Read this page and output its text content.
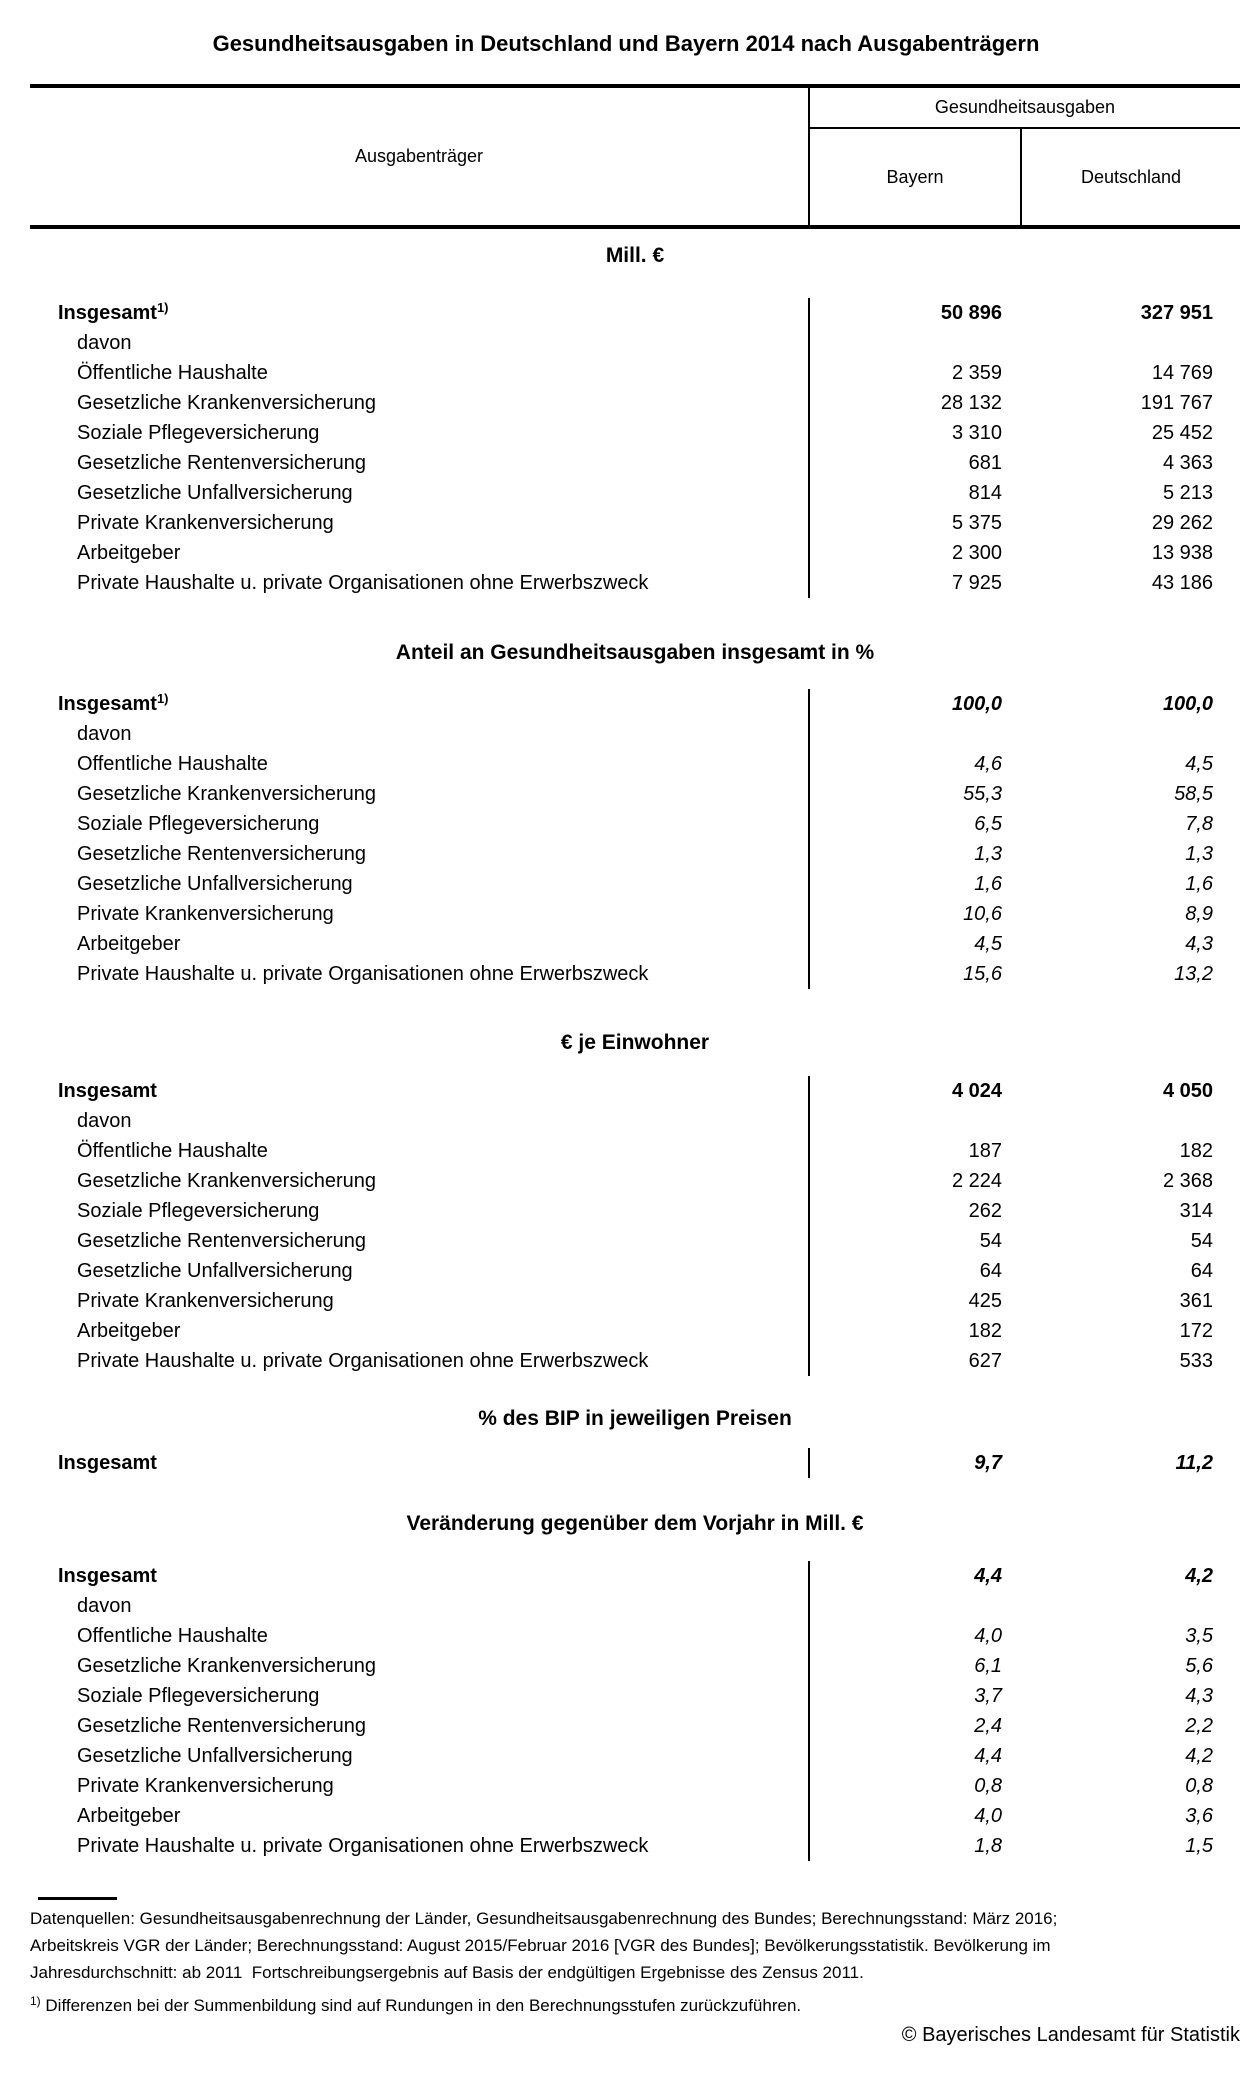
Gesundheitsausgaben in Deutschland und Bayern 2014 nach Ausgabenträgern
Ausgabenträger
Gesundheitsausgaben
Bayern	Deutschland
Mill. €
Insgesamt$^{1)}$	50 896	327 951
davon
Öffentliche Haushalte	2 359	14 769
Gesetzliche Krankenversicherung	28 132	191 767
Soziale Pflegeversicherung	3 310	25 452
Gesetzliche Rentenversicherung	681	4 363
Gesetzliche Unfallversicherung	814	5 213
Private Krankenversicherung	5 375	29 262
Arbeitgeber	2 300	13 938
Private Haushalte u. private Organisationen ohne Erwerbszweck	7 925	43 186
Anteil an Gesundheitsausgaben insgesamt in %
Insgesamt$^{1)}$	100,0	100,0
davon
Offentliche Haushalte	4,6	4,5
Gesetzliche Krankenversicherung	55,3	58,5
Soziale Pflegeversicherung	6,5	7,8
Gesetzliche Rentenversicherung	1,3	1,3
Gesetzliche Unfallversicherung	1,6	1,6
Private Krankenversicherung	10,6	8,9
Arbeitgeber	4,5	4,3
Private Haushalte u. private Organisationen ohne Erwerbszweck	15,6	13,2
€ je Einwohner
Insgesamt	4 024	4 050
davon
Öffentliche Haushalte	187	182
Gesetzliche Krankenversicherung	2 224	2 368
Soziale Pflegeversicherung	262	314
Gesetzliche Rentenversicherung	54	54
Gesetzliche Unfallversicherung	64	64
Private Krankenversicherung	425	361
Arbeitgeber	182	172
Private Haushalte u. private Organisationen ohne Erwerbszweck	627	533
% des BIP in jeweiligen Preisen
Insgesamt	9,7	11,2
Veränderung gegenüber dem Vorjahr in Mill. €
Insgesamt	4,4	4,2
davon
Offentliche Haushalte	4,0	3,5
Gesetzliche Krankenversicherung	6,1	5,6
Soziale Pflegeversicherung	3,7	4,3
Gesetzliche Rentenversicherung	2,4	2,2
Gesetzliche Unfallversicherung	4,4	4,2
Private Krankenversicherung	0,8	0,8
Arbeitgeber	4,0	3,6
Private Haushalte u. private Organisationen ohne Erwerbszweck	1,8	1,5
Datenquellen: Gesundheitsausgabenrechnung der Länder, Gesundheitsausgabenrechnung des Bundes; Berechnungsstand: März 2016;
Arbeitskreis VGR der Länder; Berechnungsstand: August 2015/Februar 2016 [VGR des Bundes]; Bevölkerungsstatistik. Bevölkerung im
Jahresdurchschnitt: ab 2011  Fortschreibungsergebnis auf Basis der endgültigen Ergebnisse des Zensus 2011.
$^{1)}$ Differenzen bei der Summenbildung sind auf Rundungen in den Berechnungsstufen zurückzuführen.
© Bayerisches Landesamt für Statistik
